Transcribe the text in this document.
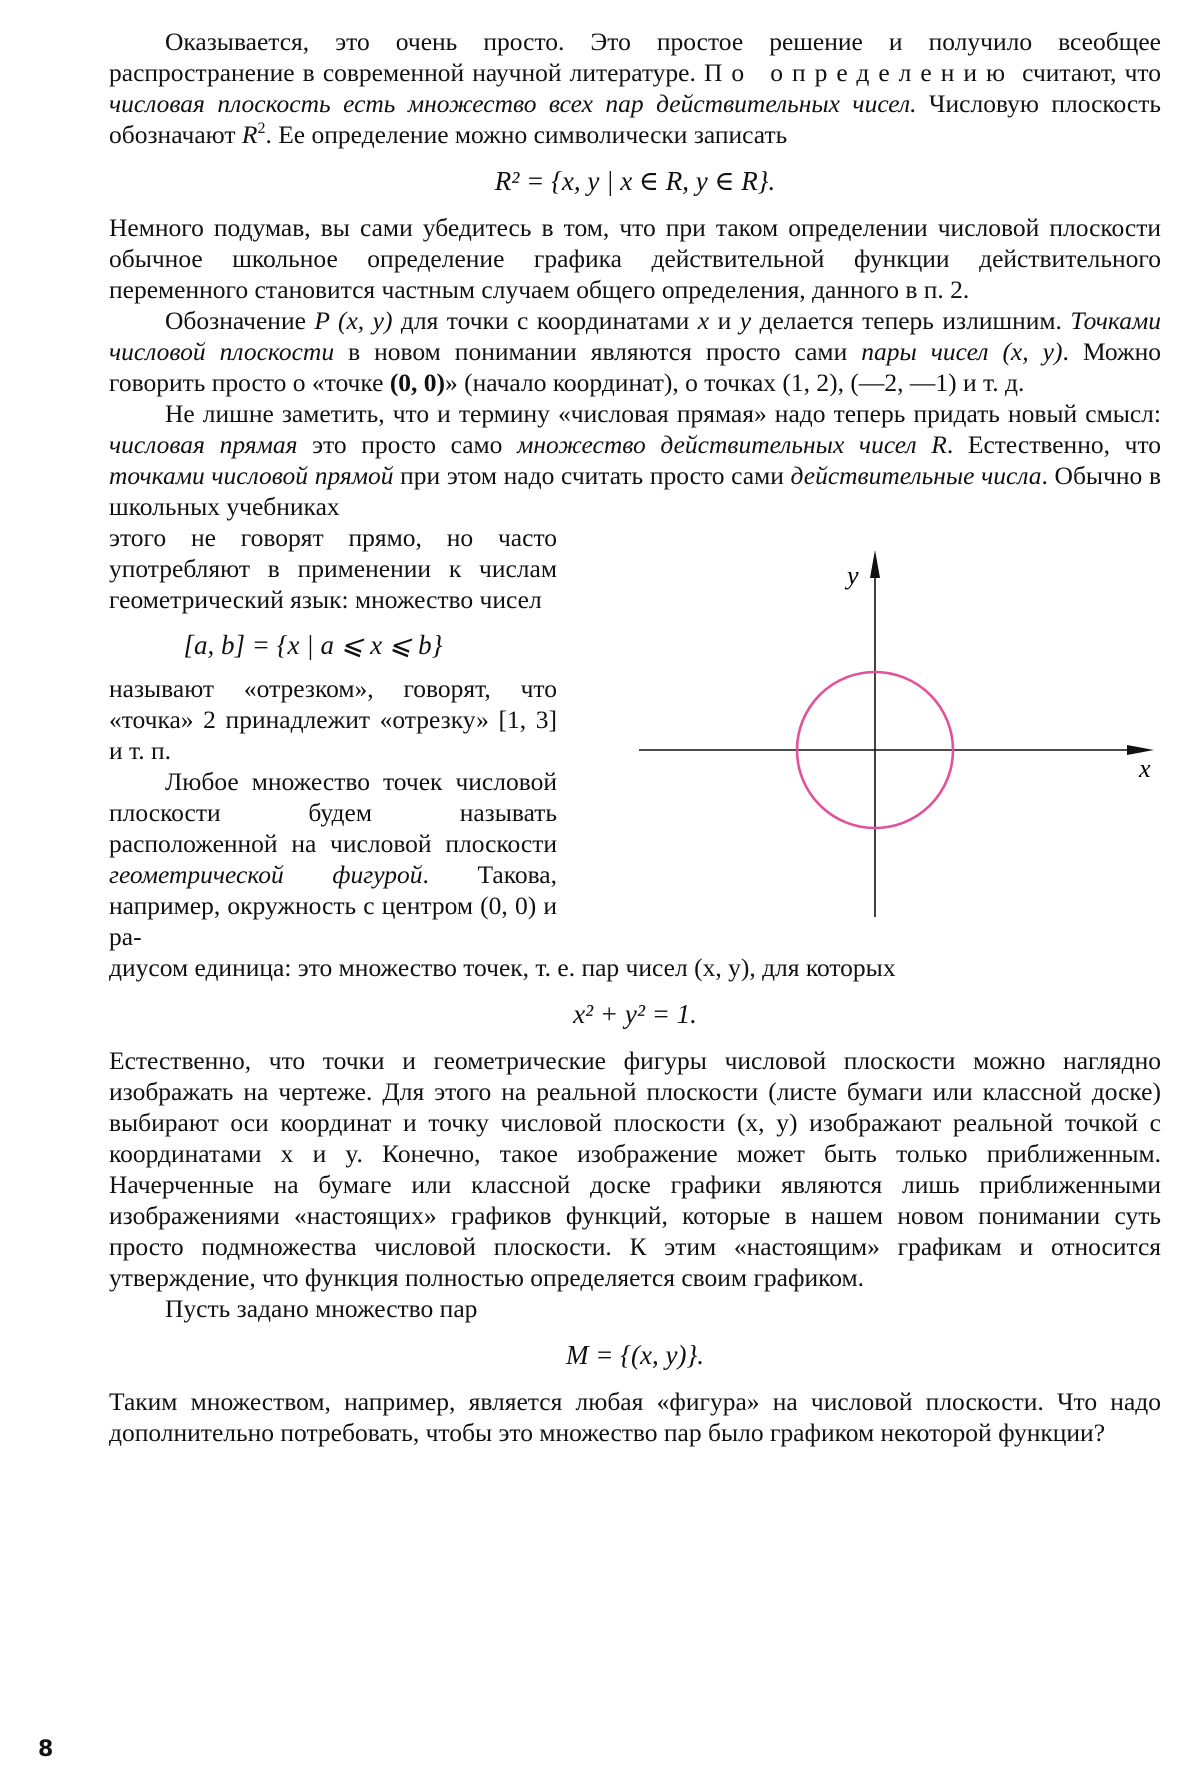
Оказывается, это очень просто. Это простое решение и получило всеобщее распространение в современной научной литературе. По определению считают, что числовая плоскость есть множество всех пар действительных чисел. Числовую плоскость обозначают $R^2$. Ее определение можно символически записать

R² = {x, y | x ∈ R, y ∈ R}.

Немного подумав, вы сами убедитесь в том, что при таком определении числовой плоскости обычное школьное определение графика действительной функции действительного переменного становится частным случаем общего определения, данного в п. 2.

Обозначение P (x, y) для точки с координатами x и y делается теперь излишним. Точками числовой плоскости в новом понимании являются просто сами пары чисел (x, y). Можно говорить просто о «точке (0, 0)» (начало координат), о точках (1, 2), (—2, —1) и т. д.

Не лишне заметить, что и термину «числовая прямая» надо теперь придать новый смысл: числовая прямая это просто само множество действительных чисел R. Естественно, что точками числовой прямой при этом надо считать просто сами действительные числа. Обычно в школьных учебниках

этого не говорят прямо, но часто употребляют в применении к числам геометрический язык: множество чисел

[a, b] = {x | a ⩽ x ⩽ b}

называют «отрезком», говорят, что «точка» 2 принадлежит «отрезку» [1, 3] и т. п.

Любое множество точек числовой плоскости будем называть расположенной на числовой плоскости геометрической фигурой. Такова, например, окружность с центром (0, 0) и ра-

y
x

диусом единица: это множество точек, т. е. пар чисел (x, y), для которых

x² + y² = 1.

Естественно, что точки и геометрические фигуры числовой плоскости можно наглядно изображать на чертеже. Для этого на реальной плоскости (листе бумаги или классной доске) выбирают оси координат и точку числовой плоскости (x, y) изображают реальной точкой с координатами x и y. Конечно, такое изображение может быть только приближенным. Начерченные на бумаге или классной доске графики являются лишь приближенными изображениями «настоящих» графиков функций, которые в нашем новом понимании суть просто подмножества числовой плоскости. К этим «настоящим» графикам и относится утверждение, что функция полностью определяется своим графиком.

Пусть задано множество пар

M = {(x, y)}.

Таким множеством, например, является любая «фигура» на числовой плоскости. Что надо дополнительно потребовать, чтобы это множество пар было графиком некоторой функции?

8
